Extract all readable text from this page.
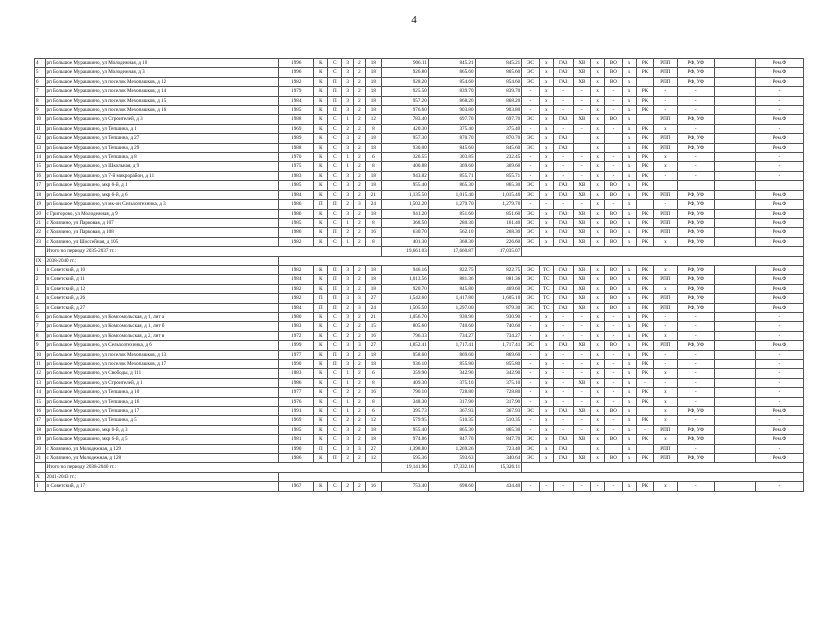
4
4	рп Большое Мурашкино, ул Молодежная, д 10	1996	К	С	3	2	18	906.11	845.21	845.21	ЭС	х	ГАЗ	ХВ	х	ВО	х	РК	РПП	РФ, УФ		Рем.Ф
5	рп Большое Мурашкино, ул Молодежная, д 3	1996	К	С	3	2	18	926.80	865.60	865.60	ЭС	х	ГАЗ	ХВ	х	ВО	х	РК	РПП	РФ, УФ		Рем.Ф
6	рп Большое Мурашкино, ул поселок Мехопашков, д 12	1982	К	П	3	2	18	928.20	854.60	854.60	ЭС	х	ГАЗ	ХВ	х	ВО	х		РПП	РФ, УФ		Рем.Ф
7	рп Большое Мурашкино, ул поселок Мехопашков, д 14	1979	К	П	3	2	18	925.50	839.70	839.70	-	х	-	-	х	-	х	РК	-	-		-
8	рп Большое Мурашкино, ул поселок Мехопашков, д 15	1984	К	П	3	2	18	957.20	868.20	868.20	-	х	-	-	х	-	х	РК	-	-		-
9	рп Большое Мурашкино, ул поселок Мехопашков, д 16	1985	К	П	3	2	18	976.60	903.80	903.80	-	х	-	-	х	-	х	РК	-	-		-
10	рп Большое Мурашкино, ул Строителей, д 3	1988	К	С	1	2	12	783.40	697.70	697.70	ЭС	х	ГАЗ	ХВ	х	ВО	х		РПП	РФ, УФ		Рем.Ф
11	рп Большое Мурашкино, ул Тепшина, д 1	1969	К	С	2	2	8	420.30	375.40	375.40	-	х	-	-	х	-	х	РК	х	-		-
12	рп Большое Мурашкино, ул Тепшина, д 27	1989	К	С	3	2	18	957.30	870.70	870.70	ЭС	х	ГАЗ		х		х	РК	РПП	РФ, УФ		Рем.Ф
13	рп Большое Мурашкино, ул Тепшина, д 29	1988	К	С	3	2	18	930.00	845.60	845.60	ЭС	х	ГАЗ		х		х	РК	РПП	РФ, УФ		Рем.Ф
14	рп Большое Мурашкино, ул Тепшина, д 8	1970	К	С	1	2	6	326.55	303.85	232.45	-	х	-	-	х	-	х	РК	х	-		-
15	рп Большое Мурашкино, ул Школьная, д 9	1975	К	С	1	2	8	400.88	369.60	369.60	-	х	-	-	х	-	х	РК	х	-		-
16	рп Большое Мурашкино, ул 7-й микрорайон, д 11	1983	К	С	3	2	18	943.82	855.71	855.71	-	х	-	-	х	-	х	РК	-	-		-
17	рп Большое Мурашкино, мкр 6-й, д 1	1985	К	С	3	2	18	955.40	865.30	865.30	ЭС	х	ГАЗ	ХВ	х	ВО	х	РК				
18	рп Большое Мурашкино, мкр 6-й, д 6	1984	К	С	3	2	21	1,135.50	1,015.40	1,015.40	ЭС	х	ГАЗ	ХВ	х	ВО	х	РК	РПП	РФ, УФ		Рем.Ф
19	рп Большое Мурашкино, ул мк-он Сельхозтехника, д 3	1986	П	П	2	3	24	1,502.20	1,279.70	1,279.70	-	-	-	-	х	-	х		-	РФ, УФ		Рем.Ф
20	с Григорово, ул Молодежная, д 9	1986	К	С	3	2	18	941.20	851.60	851.60	ЭС	х	ГАЗ	ХВ	х	ВО	х	РК	РПП	РФ, УФ		Рем.Ф
21	с Холязино, ул Парковая, д 107	1985	К	С	1	2	8	368.50	280.30	161.40	ЭС	х	ГАЗ	ХВ	х	ВО	х	РК	РПП	РФ, УФ		Рем.Ф
22	с Холязино, ул Парковая, д 108	1986	К	П	2	2	16	630.70	562.10	268.30	ЭС	х	ГАЗ	ХВ	х	ВО	х	РК	РПП	РФ, УФ		Рем.Ф
23	с Холязино, ул Шоссейная, д 105	1982	К	С	1	2	8	401.30	368.30	226.60	ЭС	х	ГАЗ	ХВ	х	ВО	х	РК	х	РФ, УФ		Рем.Ф
	Итого по периоду 2035-2037 гг.:							19,661.03	17,660.87	17,035.07												
IX	2038-2040 гг.:																					
1	п Советский, д 10	1982	К	П	3	2	18	946.16	822.75	822.75	ЭС	ТС	ГАЗ	ХВ	х	ВО	х	РК	х	РФ, УФ		Рем.Ф
2	п Советский, д 11	1984	К	П	3	2	18	1,013.56	881.36	881.36	ЭС	ТС	ГАЗ	ХВ	х	ВО	х	РК	РПП	РФ, УФ		Рем.Ф
3	п Советский, д 12	1982	К	П	3	2	18	920.70	845.80	469.60	ЭС	ТС	ГАЗ	ХВ	х	ВО	х	РК	х	РФ, УФ		Рем.Ф
4	п Советский, д 26	1982	П	П	3	3	27	1,542.60	1,417.80	1,605.10	ЭС	ТС	ГАЗ	ХВ	х	ВО	х	РК	РПП	РФ, УФ		Рем.Ф
5	п Советский, д 27	1984	П	П	2	3	24	1,505.50	1,297.00	879.30	ЭС	ТС	ГАЗ	ХВ	х	ВО	х	РК	РПП	РФ, УФ		Рем.Ф
6	рп Большое Мурашкино, ул Комсомольская, д 1, лит а	1980	К	С	3	2	21	1,056.70	930.90	930.90	-	х	-	-	х	-	х	РК	-	-		-
7	рп Большое Мурашкино, ул Комсомольская, д 1, лит б	1983	К	С	2	2	15	805.60	740.60	740.60	-	х	-	-	х	-	х	РК	-	-		-
8	рп Большое Мурашкино, ул Комсомольская, д 2, лит в	1972	К	С	2	2	16	796.33	734.27	734.27	-	х	-	-	х	-	х	РК	х	-		-
9	рп Большое Мурашкино, ул Сельхозтехника, д 6	1999	К	С	3	3	27	1,852.41	1,717.41	1,717.41	ЭС	х	ГАЗ	ХВ	х	ВО	х	РК	РПП	РФ, УФ		Рем.Ф
10	рп Большое Мурашкино, ул поселок Мехопашков, д 13	1977	К	П	3	2	18	958.60	869.60	869.60	-	х	-	-	х	-	х	РК	-	-		-
11	рп Большое Мурашкино, ул поселок Мехопашков, д 17	1990	К	П	3	2	18	936.10	855.80	855.80	-	х	-	-	х	-	х	РК	-	-		-
12	рп Большое Мурашкино, ул Свободы, д 111	1883	К	С	1	2	6	359.90	342.90	342.90	-	х	-	-	х	-	х	РК	х	-		-
13	рп Большое Мурашкино, ул Строителей, д 1	1986	К	С	1	2	8	409.30	375.10	375.10	-	х	-	ХВ	х	-	х	-	-	-		-
14	рп Большое Мурашкино, ул Тепшина, д 10	1977	К	С	2	2	16	790.10	728.80	728.80	-	х	-	-	х	-	х	РК	х	-		-
15	рп Большое Мурашкино, ул Тепшина, д 16	1976	К	С	1	2	8	348.30	317.90	317.90	-	х	-	-	х	-	х	РК	х	-		-
16	рп Большое Мурашкино, ул Тепшина, д 17	1991	К	С	1	2	6	395.73	367.93	367.93	ЭС	х	ГАЗ	ХВ	х	ВО	х		х	РФ, УФ		Рем.Ф
17	рп Большое Мурашкино, ул Тепшина, д 5	1969	К	С	2	2	12	579.95	510.35	510.35	-	х	-	-	х	-	х	РК	х	-		-
18	рп Большое Мурашкино, мкр 6-й, д 3	1985	К	С	3	2	18	955.40	865.30	865.30	-	х	-	-	х	-	х	-	РПП	РФ, УФ		Рем.Ф
19	рп Большое Мурашкино, мкр 6-й, д 5	1981	К	С	3	2	18	974.86	847.70	847.70	ЭС	х	ГАЗ	ХВ	х	ВО	х	РК	х	РФ, УФ		Рем.Ф
20	с Холязино, ул Молодежная, д 129	1990	П	С	3	3	27	1,398.80	1,269.26	723.40	ЭС	х	ГАЗ		х		х		РПП	-		-
21	с Холязино, ул Молодежная, д 128	1986	К	П	2	2	12	595.36	593.63	340.64	ЭС	х	ГАЗ	ХВ	х	ВО	х	РК	РПП	РФ, УФ		Рем.Ф
	Итого по периоду 2038-2040 гг.:							19,141.96	17,332.16	15,326.11												
X	2041-2043 гг.:																					
1	п Советский, д 17	1967	К	С	2	2	16	753.40	698.60	434.40	-	-	-	-	-	-	х	РК	х	-		-
